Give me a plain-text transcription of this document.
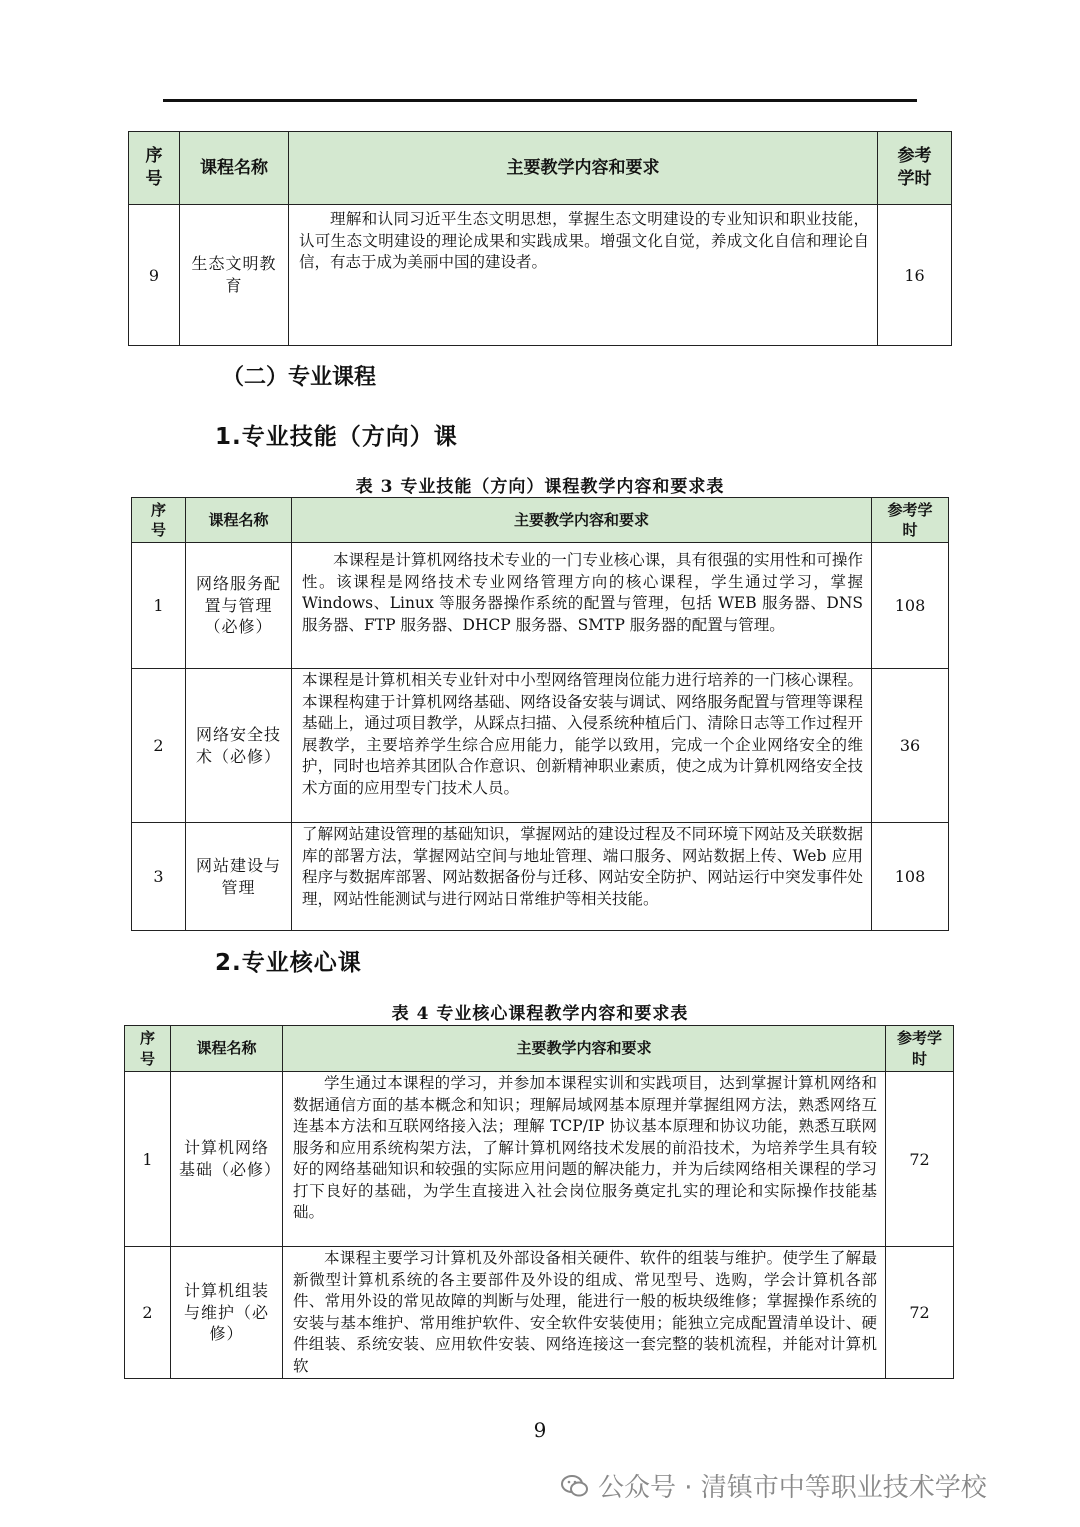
序号	课程名称	主要教学内容和要求	参考学时
9	生态文明教育	理解和认同习近平生态文明思想，掌握生态文明建设的专业知识和职业技能，认可生态文明建设的理论成果和实践成果。增强文化自觉，养成文化自信和理论自信，有志于成为美丽中国的建设者。	16
（二）专业课程
1.专业技能（方向）课
表 3 专业技能（方向）课程教学内容和要求表
序号	课程名称	主要教学内容和要求	参考学时
1	网络服务配置与管理（必修）	本课程是计算机网络技术专业的一门专业核心课，具有很强的实用性和可操作性。该课程是网络技术专业网络管理方向的核心课程，学生通过学习，掌握Windows、Linux 等服务器操作系统的配置与管理，包括 WEB 服务器、DNS 服务器、FTP 服务器、DHCP 服务器、SMTP 服务器的配置与管理。	108
2	网络安全技术（必修）	本课程是计算机相关专业针对中小型网络管理岗位能力进行培养的一门核心课程。本课程构建于计算机网络基础、网络设备安装与调试、网络服务配置与管理等课程基础上，通过项目教学，从踩点扫描、入侵系统种植后门、清除日志等工作过程开展教学，主要培养学生综合应用能力，能学以致用，完成一个企业网络安全的维护，同时也培养其团队合作意识、创新精神职业素质，使之成为计算机网络安全技术方面的应用型专门技术人员。	36
3	网站建设与管理	了解网站建设管理的基础知识，掌握网站的建设过程及不同环境下网站及关联数据库的部署方法，掌握网站空间与地址管理、端口服务、网站数据上传、Web 应用程序与数据库部署、网站数据备份与迁移、网站安全防护、网站运行中突发事件处理，网站性能测试与进行网站日常维护等相关技能。	108
2.专业核心课
表 4 专业核心课程教学内容和要求表
序号	课程名称	主要教学内容和要求	参考学时
1	计算机网络基础（必修）	学生通过本课程的学习，并参加本课程实训和实践项目，达到掌握计算机网络和数据通信方面的基本概念和知识；理解局域网基本原理并掌握组网方法，熟悉网络互连基本方法和互联网络接入法；理解 TCP/IP 协议基本原理和协议功能，熟悉互联网服务和应用系统构架方法，了解计算机网络技术发展的前沿技术，为培养学生具有较好的网络基础知识和较强的实际应用问题的解决能力，并为后续网络相关课程的学习打下良好的基础，为学生直接进入社会岗位服务奠定扎实的理论和实际操作技能基础。	72
2	计算机组装与维护（必修）	本课程主要学习计算机及外部设备相关硬件、软件的组装与维护。使学生了解最新微型计算机系统的各主要部件及外设的组成、常见型号、选购，学会计算机各部件、常用外设的常见故障的判断与处理，能进行一般的板块级维修；掌握操作系统的安装与基本维护、常用维护软件、安全软件安装使用；能独立完成配置清单设计、硬件组装、系统安装、应用软件安装、网络连接这一套完整的装机流程，并能对计算机软	72
9
公众号 · 清镇市中等职业技术学校
